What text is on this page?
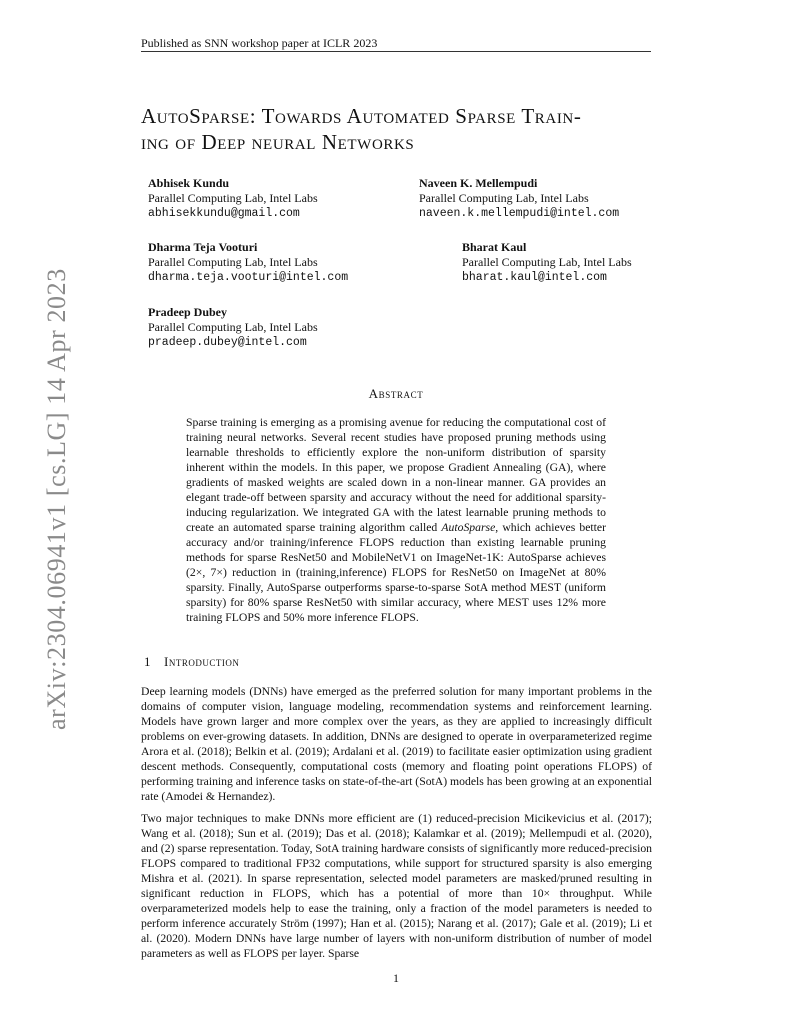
arXiv:2304.06941v1 [cs.LG] 14 Apr 2023
Published as SNN workshop paper at ICLR 2023
AutoSparse: Towards Automated Sparse Train-
ing of Deep neural Networks
Abhisek Kundu
Parallel Computing Lab, Intel Labs
abhisekkundu@gmail.com
Naveen K. Mellempudi
Parallel Computing Lab, Intel Labs
naveen.k.mellempudi@intel.com
Dharma Teja Vooturi
Parallel Computing Lab, Intel Labs
dharma.teja.vooturi@intel.com
Bharat Kaul
Parallel Computing Lab, Intel Labs
bharat.kaul@intel.com
Pradeep Dubey
Parallel Computing Lab, Intel Labs
pradeep.dubey@intel.com
Abstract
Sparse training is emerging as a promising avenue for reducing the computational cost of training neural networks. Several recent studies have proposed pruning methods using learnable thresholds to efficiently explore the non-uniform distribution of sparsity inherent within the models. In this paper, we propose Gradient Annealing (GA), where gradients of masked weights are scaled down in a non-linear manner. GA provides an elegant trade-off between sparsity and accuracy without the need for additional sparsity-inducing regularization. We integrated GA with the latest learnable pruning methods to create an automated sparse training algorithm called AutoSparse, which achieves better accuracy and/or training/inference FLOPS reduction than existing learnable pruning methods for sparse ResNet50 and MobileNetV1 on ImageNet-1K: AutoSparse achieves (2×, 7×) reduction in (training,inference) FLOPS for ResNet50 on ImageNet at 80% sparsity. Finally, AutoSparse outperforms sparse-to-sparse SotA method MEST (uniform sparsity) for 80% sparse ResNet50 with similar accuracy, where MEST uses 12% more training FLOPS and 50% more inference FLOPS.
1 Introduction

Deep learning models (DNNs) have emerged as the preferred solution for many important problems in the domains of computer vision, language modeling, recommendation systems and reinforcement learning. Models have grown larger and more complex over the years, as they are applied to increasingly difficult problems on ever-growing datasets. In addition, DNNs are designed to operate in overparameterized regime Arora et al. (2018); Belkin et al. (2019); Ardalani et al. (2019) to facilitate easier optimization using gradient descent methods. Consequently, computational costs (memory and floating point operations FLOPS) of performing training and inference tasks on state-of-the-art (SotA) models has been growing at an exponential rate (Amodei & Hernandez).

Two major techniques to make DNNs more efficient are (1) reduced-precision Micikevicius et al. (2017); Wang et al. (2018); Sun et al. (2019); Das et al. (2018); Kalamkar et al. (2019); Mellempudi et al. (2020), and (2) sparse representation. Today, SotA training hardware consists of significantly more reduced-precision FLOPS compared to traditional FP32 computations, while support for structured sparsity is also emerging Mishra et al. (2021). In sparse representation, selected model parameters are masked/pruned resulting in significant reduction in FLOPS, which has a potential of more than 10× throughput. While overparameterized models help to ease the training, only a fraction of the model parameters is needed to perform inference accurately Ström (1997); Han et al. (2015); Narang et al. (2017); Gale et al. (2019); Li et al. (2020). Modern DNNs have large number of layers with non-uniform distribution of number of model parameters as well as FLOPS per layer. Sparse

1
